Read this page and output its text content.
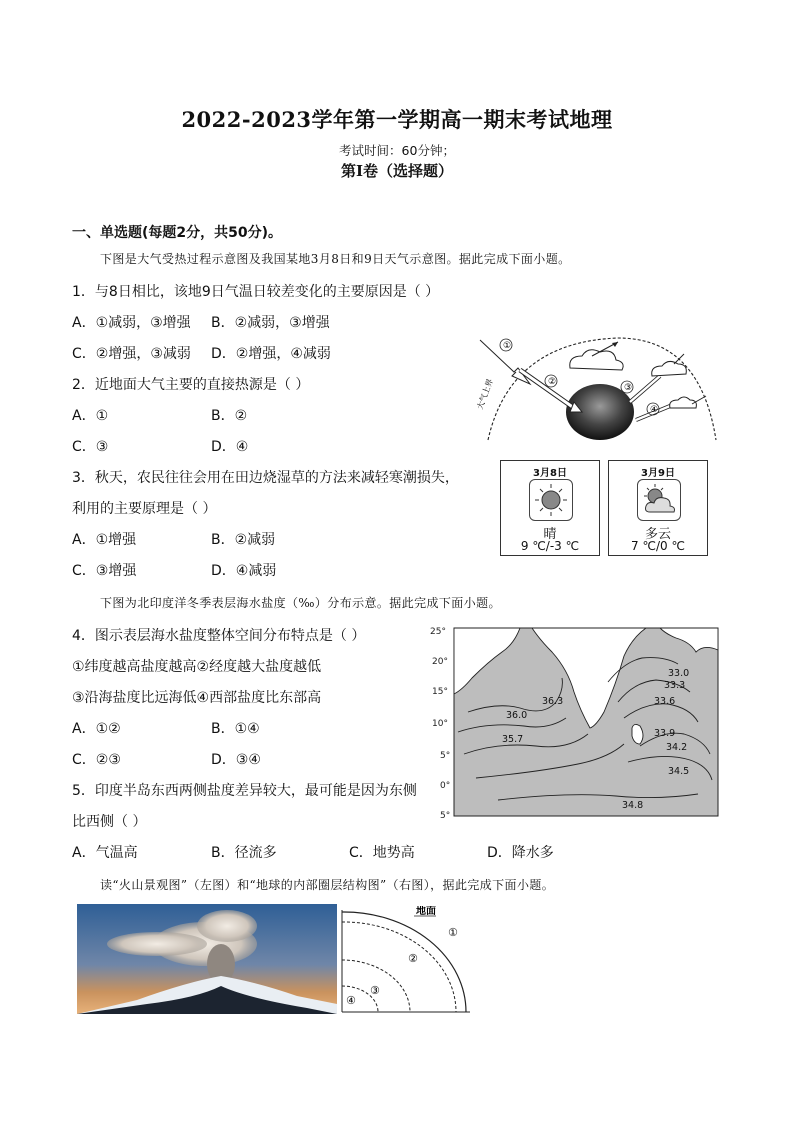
2022-2023学年第一学期高一期末考试地理
考试时间：60分钟；
第I卷（选择题）
一、单选题(每题2分，共50分)。
下图是大气受热过程示意图及我国某地3月8日和9日天气示意图。据此完成下面小题。
1．与8日相比，该地9日气温日较差变化的主要原因是（ ）
A．①减弱，③增强 B．②减弱，③增强
C．②增强，③减弱 D．②增强，④减弱
2．近地面大气主要的直接热源是（ ）
A．①	B．②
C．③	D．④
3．秋天，农民往往会用在田边烧湿草的方法来减轻寒潮损失，
利用的主要原理是（ ）
A．①增强	B．②减弱
C．③增强	D．④减弱
大气上界
①
②
③
④
3月8日
晴
9 ℃/-3 ℃
3月9日
多云
7 ℃/0 ℃
下图为北印度洋冬季表层海水盐度（‰）分布示意。据此完成下面小题。
4．图示表层海水盐度整体空间分布特点是（ ）
①纬度越高盐度越高②经度越大盐度越低
③沿海盐度比远海低④西部盐度比东部高
A．①②	B．①④
C．②③	D．③④
5．印度半岛东西两侧盐度差异较大，最可能是因为东侧
比西侧（ ）
A．气温高	B．径流多	C．地势高	D．降水多
25°
20°
15°
10°
5°
0°
5°
36.3
36.0
35.7
33.0
33.3
33.6
33.9
34.2
34.5
34.8
读“火山景观图”（左图）和“地球的内部圈层结构图”（右图），据此完成下面小题。
地面
①
②
③
④
